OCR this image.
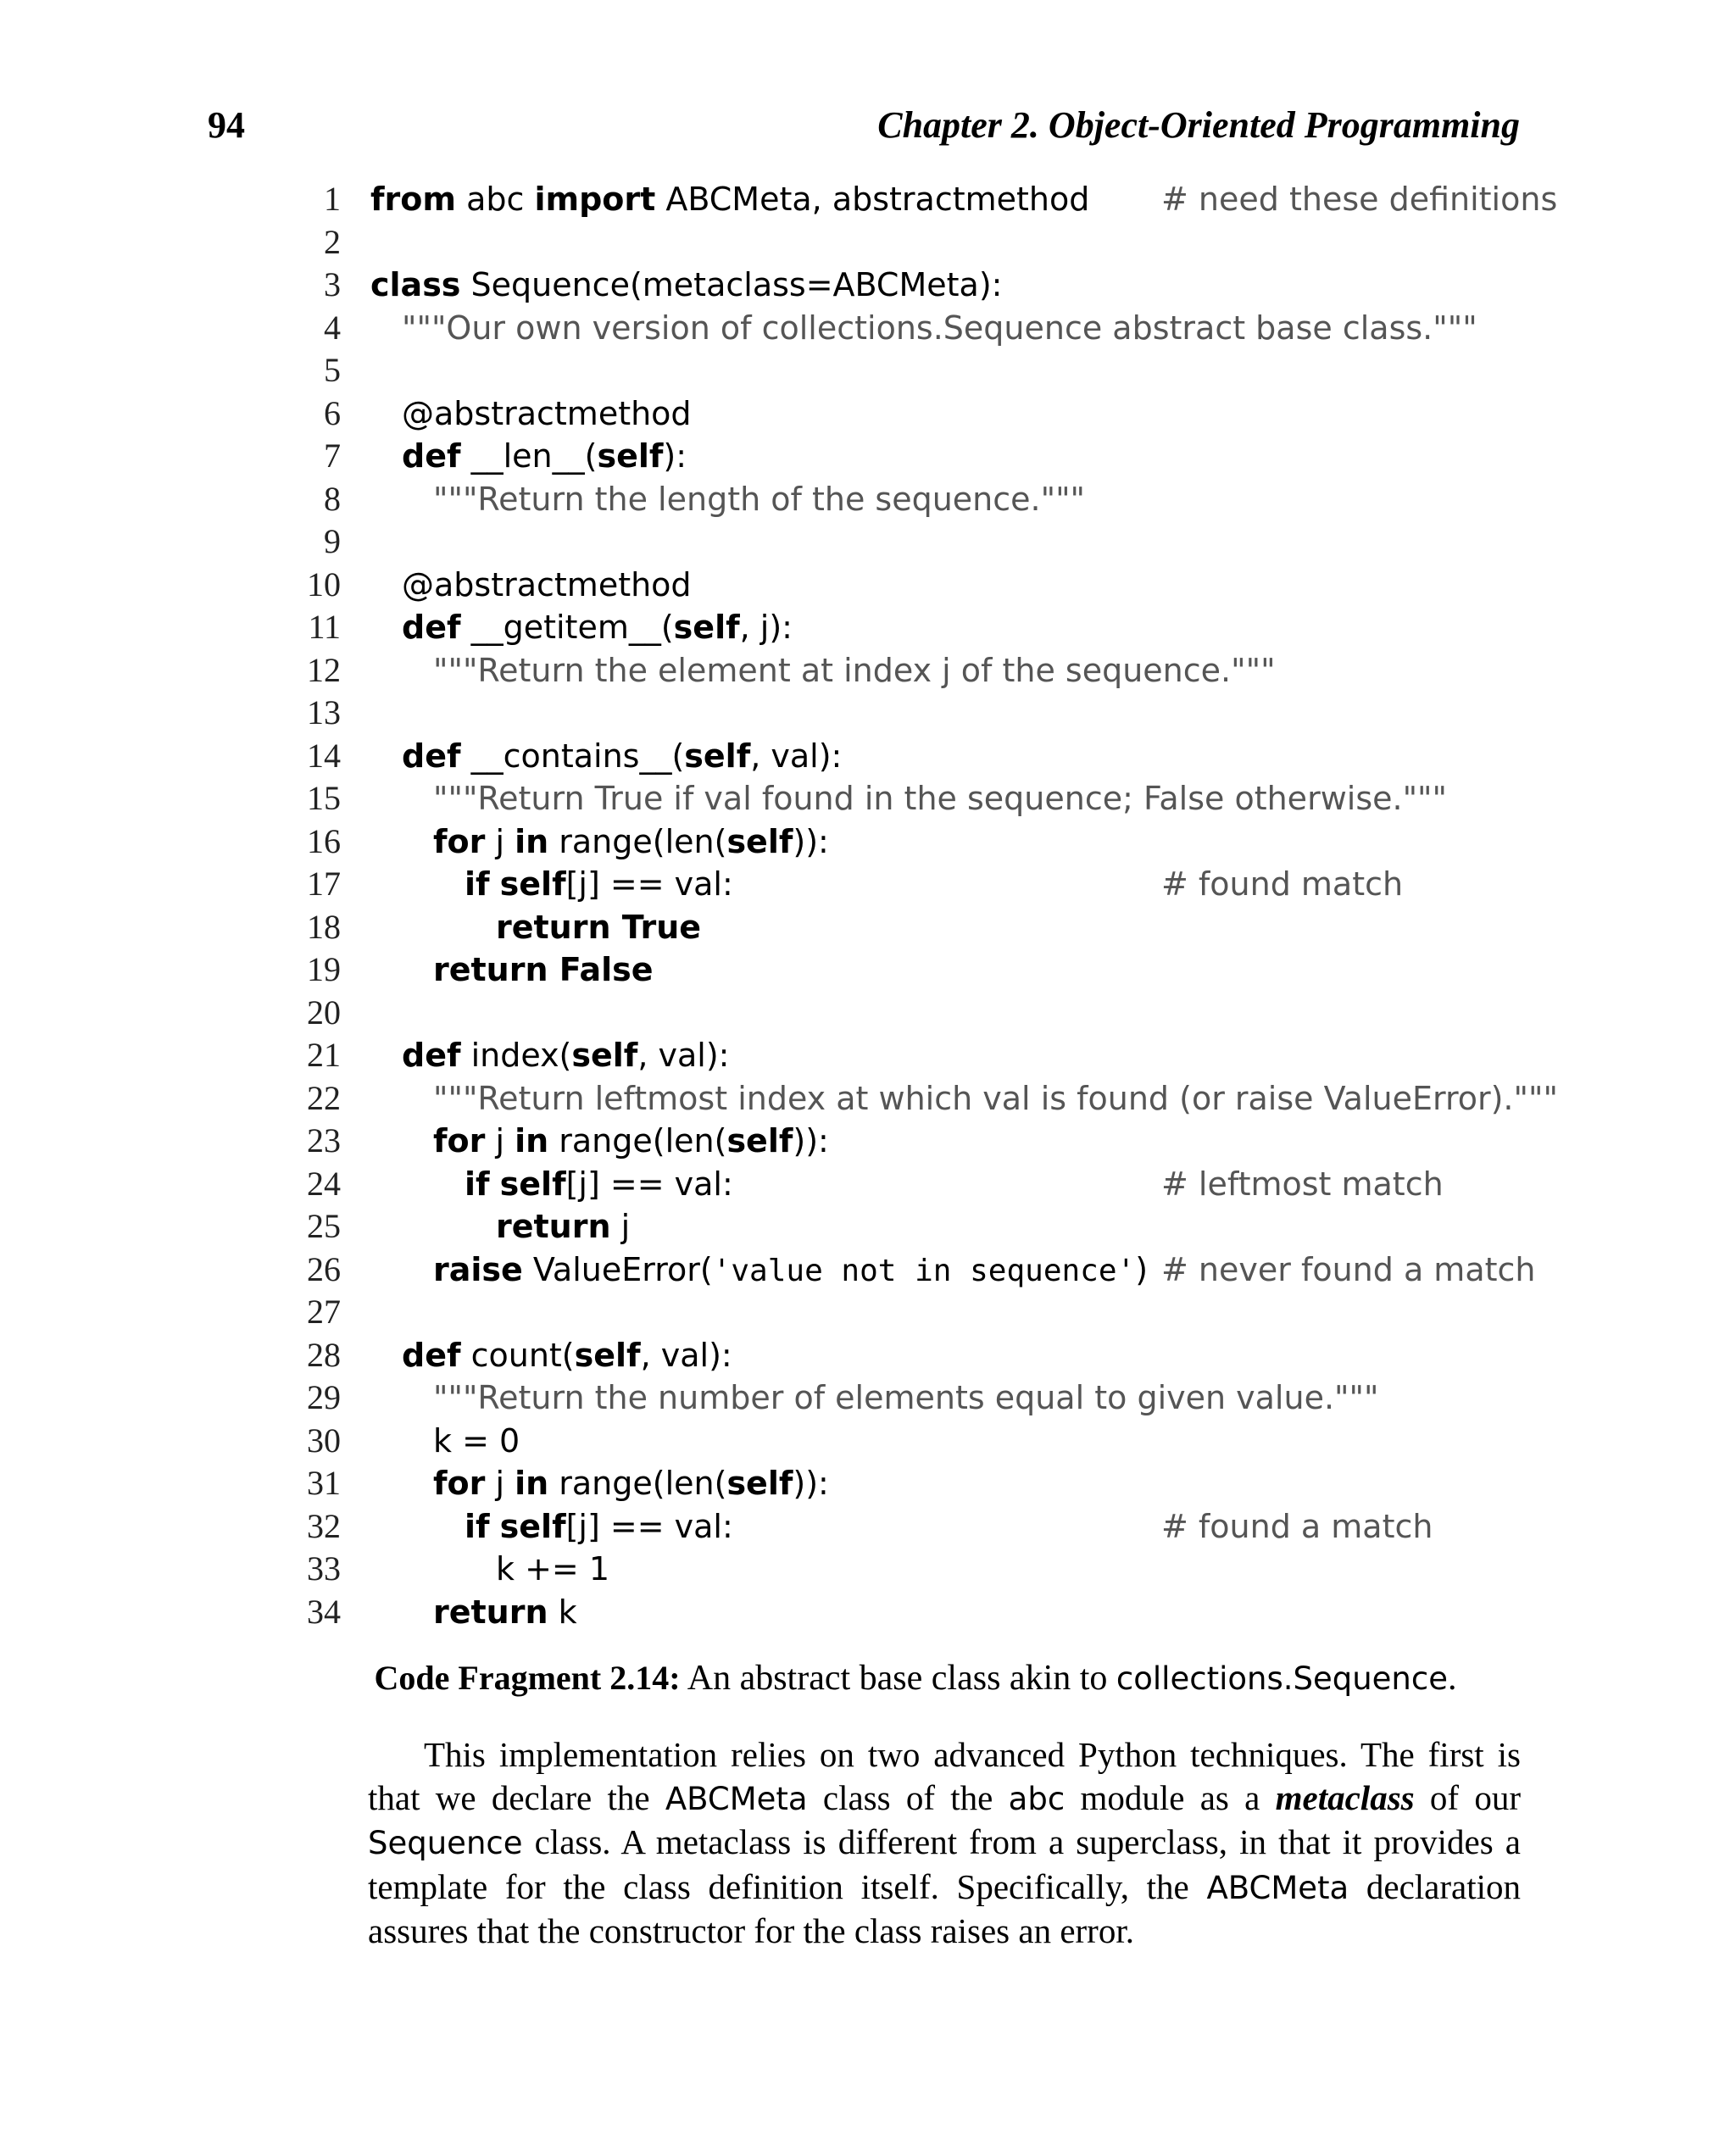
94	Chapter 2. Object-Oriented Programming
1 from abc import ABCMeta, abstractmethod # need these definitions
2
3 class Sequence(metaclass=ABCMeta):
4 """Our own version of collections.Sequence abstract base class."""
5
6 @abstractmethod
7 def __len__(self):
8	"""Return the length of the sequence."""
9
10 @abstractmethod
11 def __getitem__(self, j):
12	"""Return the element at index j of the sequence."""
13
14 def __contains__(self, val):
15	"""Return True if val found in the sequence; False otherwise."""
16	for j in range(len(self)):
17	if self[j] == val:	# found match
18	return True
19	return False
20
21 def index(self, val):
22	"""Return leftmost index at which val is found (or raise ValueError)."""
23	for j in range(len(self)):
24	if self[j] == val:	# leftmost match
25	return j
26	raise ValueError('value not in sequence') # never found a match
27
28 def count(self, val):
29	"""Return the number of elements equal to given value."""
30	k = 0
31	for j in range(len(self)):
32	if self[j] == val:	# found a match
33	k += 1
34	return k
Code Fragment 2.14: An abstract base class akin to collections.Sequence.
This implementation relies on two advanced Python techniques. The first is that we declare the ABCMeta class of the abc module as a metaclass of our Sequence class. A metaclass is different from a superclass, in that it provides a template for the class definition itself. Specifically, the ABCMeta declaration assures that the constructor for the class raises an error.
